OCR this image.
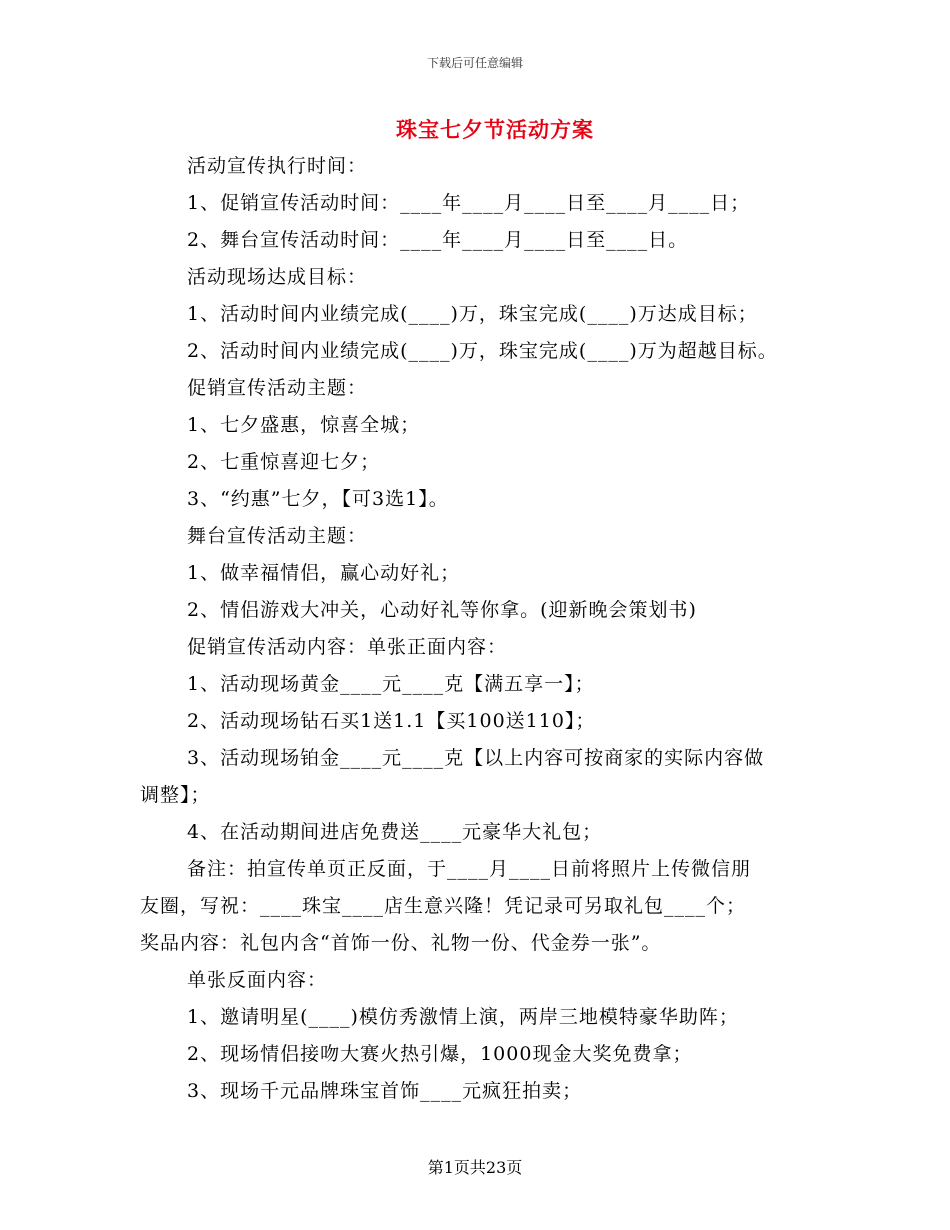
下载后可任意编辑
珠宝七夕节活动方案
活动宣传执行时间：
1、促销宣传活动时间：____年____月____日至____月____日；
2、舞台宣传活动时间：____年____月____日至____日。
活动现场达成目标：
1、活动时间内业绩完成(____)万，珠宝完成(____)万达成目标；
2、活动时间内业绩完成(____)万，珠宝完成(____)万为超越目标。
促销宣传活动主题：
1、七夕盛惠，惊喜全城；
2、七重惊喜迎七夕；
3、“约惠”七夕，【可3选1】。
舞台宣传活动主题：
1、做幸福情侣，赢心动好礼；
2、情侣游戏大冲关，心动好礼等你拿。(迎新晚会策划书)
促销宣传活动内容：单张正面内容：
1、活动现场黄金____元____克【满五享一】；
2、活动现场钻石买1送1.1【买100送110】；
3、活动现场铂金____元____克【以上内容可按商家的实际内容做
调整】；
4、在活动期间进店免费送____元豪华大礼包；
备注：拍宣传单页正反面，于____月____日前将照片上传微信朋
友圈，写祝：____珠宝____店生意兴隆！凭记录可另取礼包____个；
奖品内容：礼包内含“首饰一份、礼物一份、代金券一张”。
单张反面内容：
1、邀请明星(____)模仿秀激情上演，两岸三地模特豪华助阵；
2、现场情侣接吻大赛火热引爆，1000现金大奖免费拿；
3、现场千元品牌珠宝首饰____元疯狂拍卖；
第1页共23页
